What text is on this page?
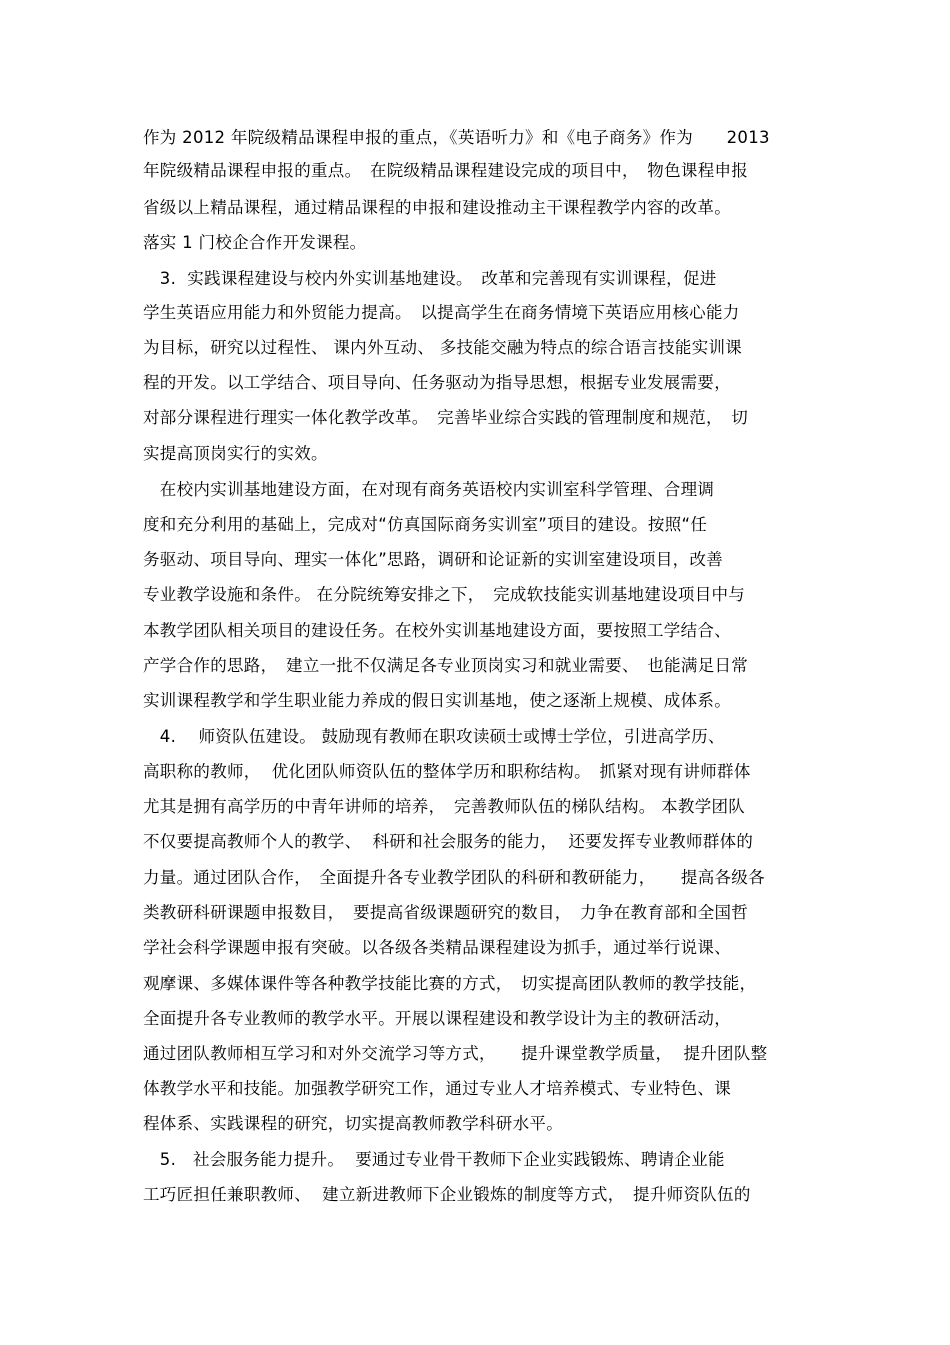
作为 2012 年院级精品课程申报的重点，《英语听力》和《电子商务》作为　　2013
年院级精品课程申报的重点。　在院级精品课程建设完成的项目中，　物色课程申报
省级以上精品课程，通过精品课程的申报和建设推动主干课程教学内容的改革。
落实 1 门校企合作开发课程。
　3.  实践课程建设与校内外实训基地建设。　改革和完善现有实训课程，促进
学生英语应用能力和外贸能力提高。　以提高学生在商务情境下英语应用核心能力
为目标，研究以过程性、 课内外互动、 多技能交融为特点的综合语言技能实训课
程的开发。以工学结合、项目导向、任务驱动为指导思想，根据专业发展需要，
对部分课程进行理实一体化教学改革。　完善毕业综合实践的管理制度和规范，　切
实提高顶岗实行的实效。
　在校内实训基地建设方面，在对现有商务英语校内实训室科学管理、合理调
度和充分利用的基础上，完成对“仿真国际商务实训室”项目的建设。按照“任
务驱动、项目导向、理实一体化”思路，调研和论证新的实训室建设项目，改善
专业教学设施和条件。 在分院统筹安排之下，　完成软技能实训基地建设项目中与
本教学团队相关项目的建设任务。在校外实训基地建设方面，要按照工学结合、
产学合作的思路，　建立一批不仅满足各专业顶岗实习和就业需要、　也能满足日常
实训课程教学和学生职业能力养成的假日实训基地，使之逐渐上规模、成体系。
　4.　 师资队伍建设。 鼓励现有教师在职攻读硕士或博士学位，引进高学历、
高职称的教师，  优化团队师资队伍的整体学历和职称结构。　抓紧对现有讲师群体
尤其是拥有高学历的中青年讲师的培养，　完善教师队伍的梯队结构。 本教学团队
不仅要提高教师个人的教学、  科研和社会服务的能力，  还要发挥专业教师群体的
力量。通过团队合作，　全面提升各专业教学团队的科研和教研能力，　　提高各级各
类教研科研课题申报数目，　要提高省级课题研究的数目，　力争在教育部和全国哲
学社会科学课题申报有突破。以各级各类精品课程建设为抓手，通过举行说课、
观摩课、多媒体课件等各种教学技能比赛的方式，　切实提高团队教师的教学技能，
全面提升各专业教师的教学水平。开展以课程建设和教学设计为主的教研活动，
通过团队教师相互学习和对外交流学习等方式，　　提升课堂教学质量，  提升团队整
体教学水平和技能。加强教学研究工作，通过专业人才培养模式、专业特色、课
程体系、实践课程的研究，切实提高教师教学科研水平。
　5.　社会服务能力提升。  要通过专业骨干教师下企业实践锻炼、聘请企业能
工巧匠担任兼职教师、  建立新进教师下企业锻炼的制度等方式，　提升师资队伍的
